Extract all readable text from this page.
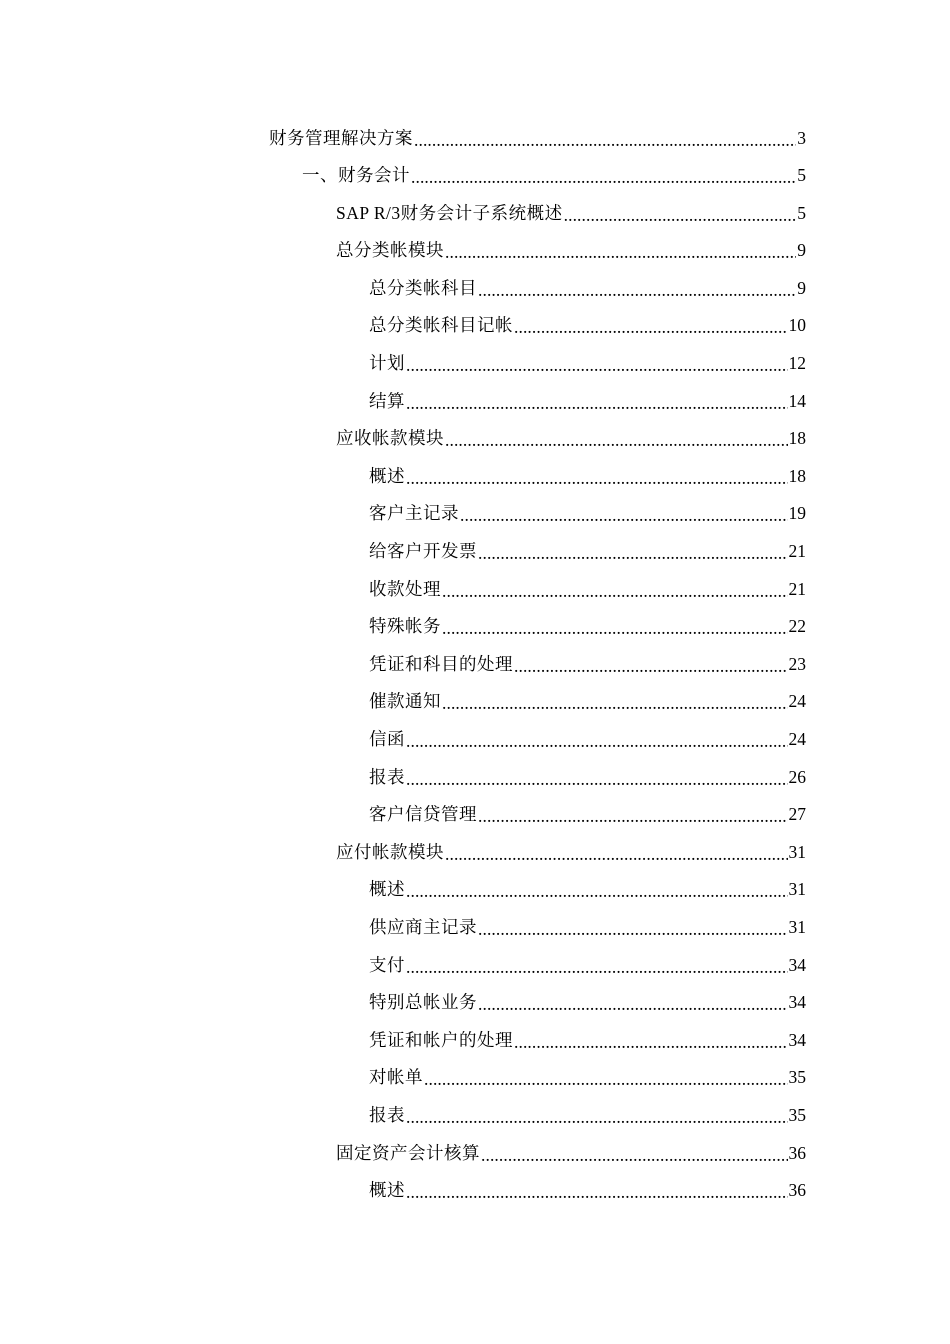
财务管理解决方案 .....	3
一、财务会计 .....	5
SAP R/3财务会计子系统概述 .....	5
总分类帐模块 .....	9
总分类帐科目 .....	9
总分类帐科目记帐 .....	10
计划 .....	12
结算 .....	14
应收帐款模块 .....	18
概述 .....	18
客户主记录 .....	19
给客户开发票 .....	21
收款处理 .....	21
特殊帐务 .....	22
凭证和科目的处理 .....	23
催款通知 .....	24
信函 .....	24
报表 .....	26
客户信贷管理 .....	27
应付帐款模块 .....	31
概述 .....	31
供应商主记录 .....	31
支付 .....	34
特别总帐业务 .....	34
凭证和帐户的处理 .....	34
对帐单 .....	35
报表 .....	35
固定资产会计核算 .....	36
概述 .....	36
